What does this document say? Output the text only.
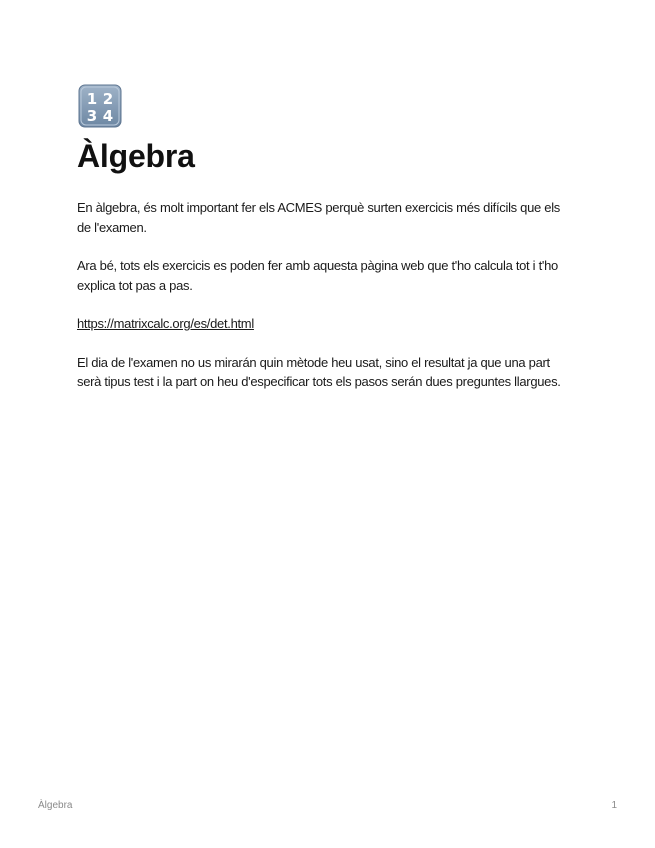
1 2
3 4
Àlgebra

En àlgebra, és molt important fer els ACMES perquè surten exercicis més difícils que els de l'examen.

Ara bé, tots els exercicis es poden fer amb aquesta pàgina web que t'ho calcula tot i t'ho explica tot pas a pas.

https://matrixcalc.org/es/det.html

El dia de l'examen no us mirarán quin mètode heu usat, sino el resultat ja que una part serà tipus test i la part on heu d'especificar tots els pasos serán dues preguntes llargues.

Àlgebra	1
